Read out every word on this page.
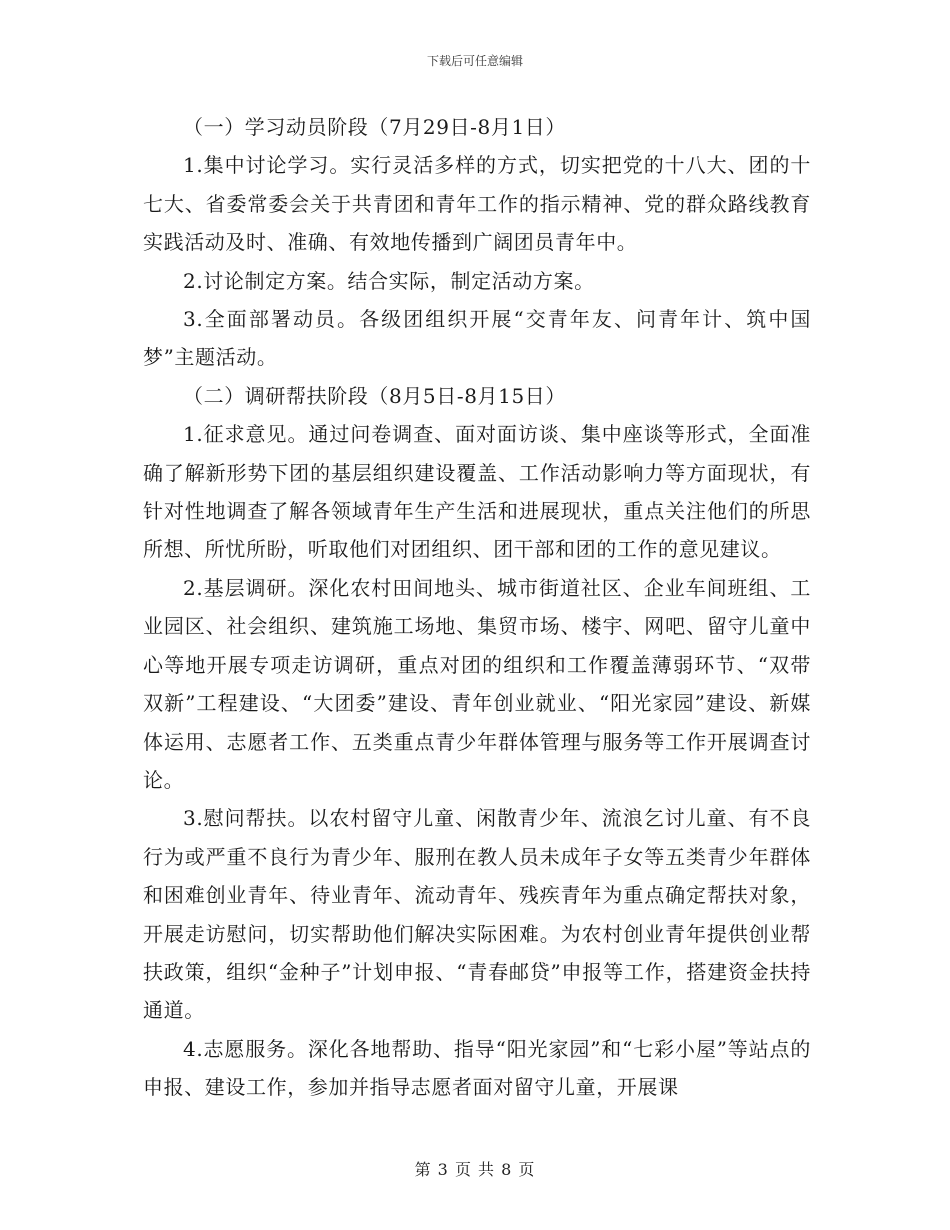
下载后可任意编辑

（一）学习动员阶段（7月29日-8月1日）

1.集中讨论学习。实行灵活多样的方式，切实把党的十八大、团的十七大、省委常委会关于共青团和青年工作的指示精神、党的群众路线教育实践活动及时、准确、有效地传播到广阔团员青年中。

2.讨论制定方案。结合实际，制定活动方案。

3.全面部署动员。各级团组织开展“交青年友、问青年计、筑中国梦”主题活动。

（二）调研帮扶阶段（8月5日-8月15日）

1.征求意见。通过问卷调查、面对面访谈、集中座谈等形式，全面准确了解新形势下团的基层组织建设覆盖、工作活动影响力等方面现状，有针对性地调查了解各领域青年生产生活和进展现状，重点关注他们的所思所想、所忧所盼，听取他们对团组织、团干部和团的工作的意见建议。

2.基层调研。深化农村田间地头、城市街道社区、企业车间班组、工业园区、社会组织、建筑施工场地、集贸市场、楼宇、网吧、留守儿童中心等地开展专项走访调研，重点对团的组织和工作覆盖薄弱环节、“双带双新”工程建设、“大团委”建设、青年创业就业、“阳光家园”建设、新媒体运用、志愿者工作、五类重点青少年群体管理与服务等工作开展调查讨论。

3.慰问帮扶。以农村留守儿童、闲散青少年、流浪乞讨儿童、有不良行为或严重不良行为青少年、服刑在教人员未成年子女等五类青少年群体和困难创业青年、待业青年、流动青年、残疾青年为重点确定帮扶对象，开展走访慰问，切实帮助他们解决实际困难。为农村创业青年提供创业帮扶政策，组织“金种子”计划申报、“青春邮贷”申报等工作，搭建资金扶持通道。

4.志愿服务。深化各地帮助、指导“阳光家园”和“七彩小屋”等站点的申报、建设工作，参加并指导志愿者面对留守儿童，开展课

第 3 页 共 8 页
